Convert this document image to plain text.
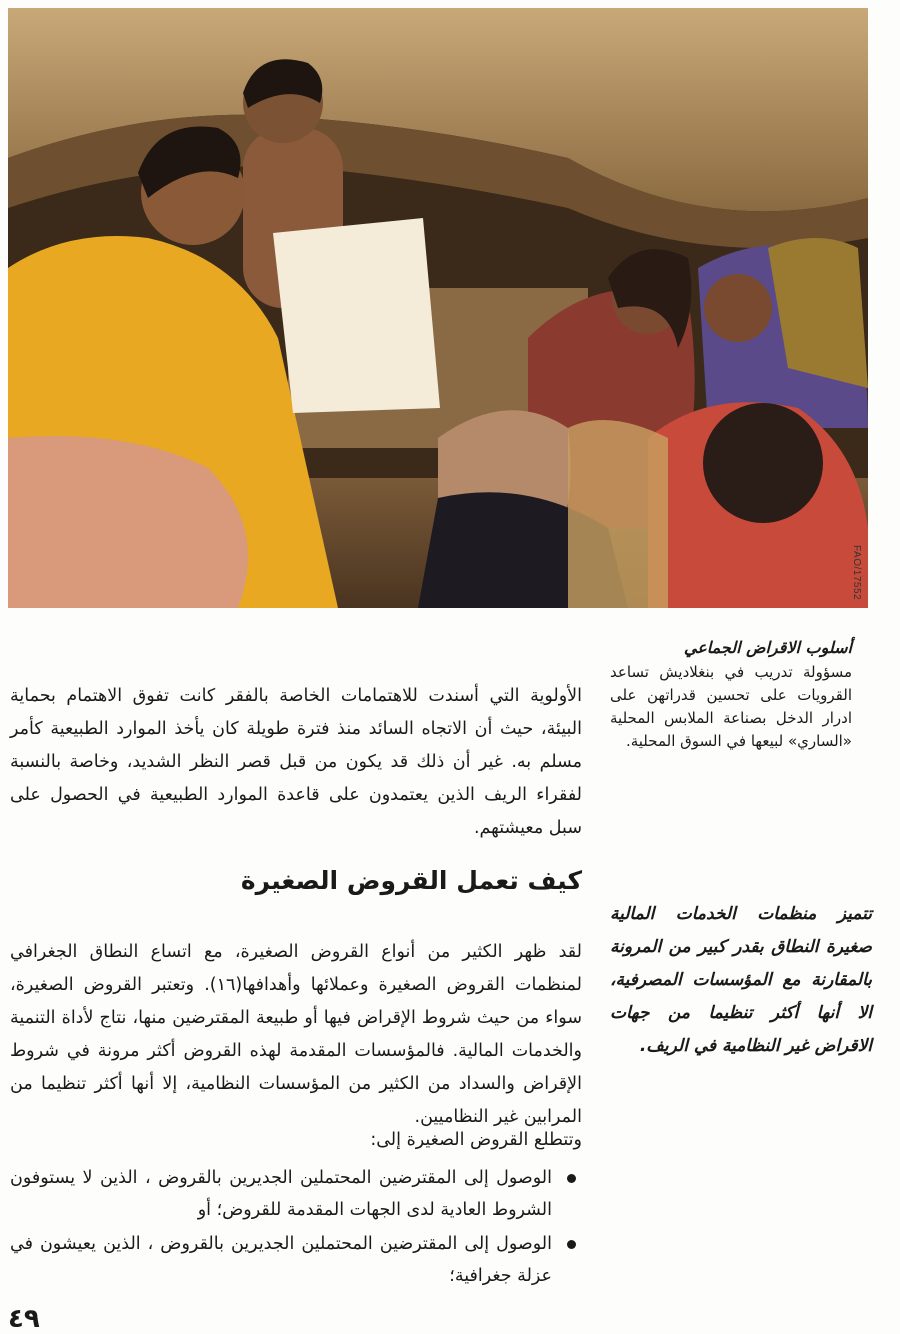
FAO/17552

أسلوب الاقراض الجماعي

مسؤولة تدريب في بنغلاديش تساعد القرويات على تحسين قدراتهن على ادرار الدخل بصناعة الملابس المحلية «الساري» لبيعها في السوق المحلية.

الأولوية التي أسندت للاهتمامات الخاصة بالفقر كانت تفوق الاهتمام بحماية البيئة، حيث أن الاتجاه السائد منذ فترة طويلة كان يأخذ الموارد الطبيعية كأمر مسلم به. غير أن ذلك قد يكون من قبل قصر النظر الشديد، وخاصة بالنسبة لفقراء الريف الذين يعتمدون على قاعدة الموارد الطبيعية في الحصول على سبل معيشتهم.

كيف تعمل القروض الصغيرة

لقد ظهر الكثير من أنواع القروض الصغيرة، مع اتساع النطاق الجغرافي لمنظمات القروض الصغيرة وعملائها وأهدافها(١٦). وتعتبر القروض الصغيرة، سواء من حيث شروط الإقراض فيها أو طبيعة المقترضين منها، نتاج لأداة التنمية والخدمات المالية. فالمؤسسات المقدمة لهذه القروض أكثر مرونة في شروط الإقراض والسداد من الكثير من المؤسسات النظامية، إلا أنها أكثر تنظيما من المرابين غير النظاميين.

وتتطلع القروض الصغيرة إلى:

الوصول إلى المقترضين المحتملين الجديرين بالقروض ، الذين لا يستوفون الشروط العادية لدى الجهات المقدمة للقروض؛ أو
الوصول إلى المقترضين المحتملين الجديرين بالقروض ، الذين يعيشون في عزلة جغرافية؛

تتميز منظمات الخدمات المالية صغيرة النطاق بقدر كبير من المرونة بالمقارنة مع المؤسسات المصرفية، الا أنها أكثر تنظيما من جهات الاقراض غير النظامية في الريف.

٤٩
